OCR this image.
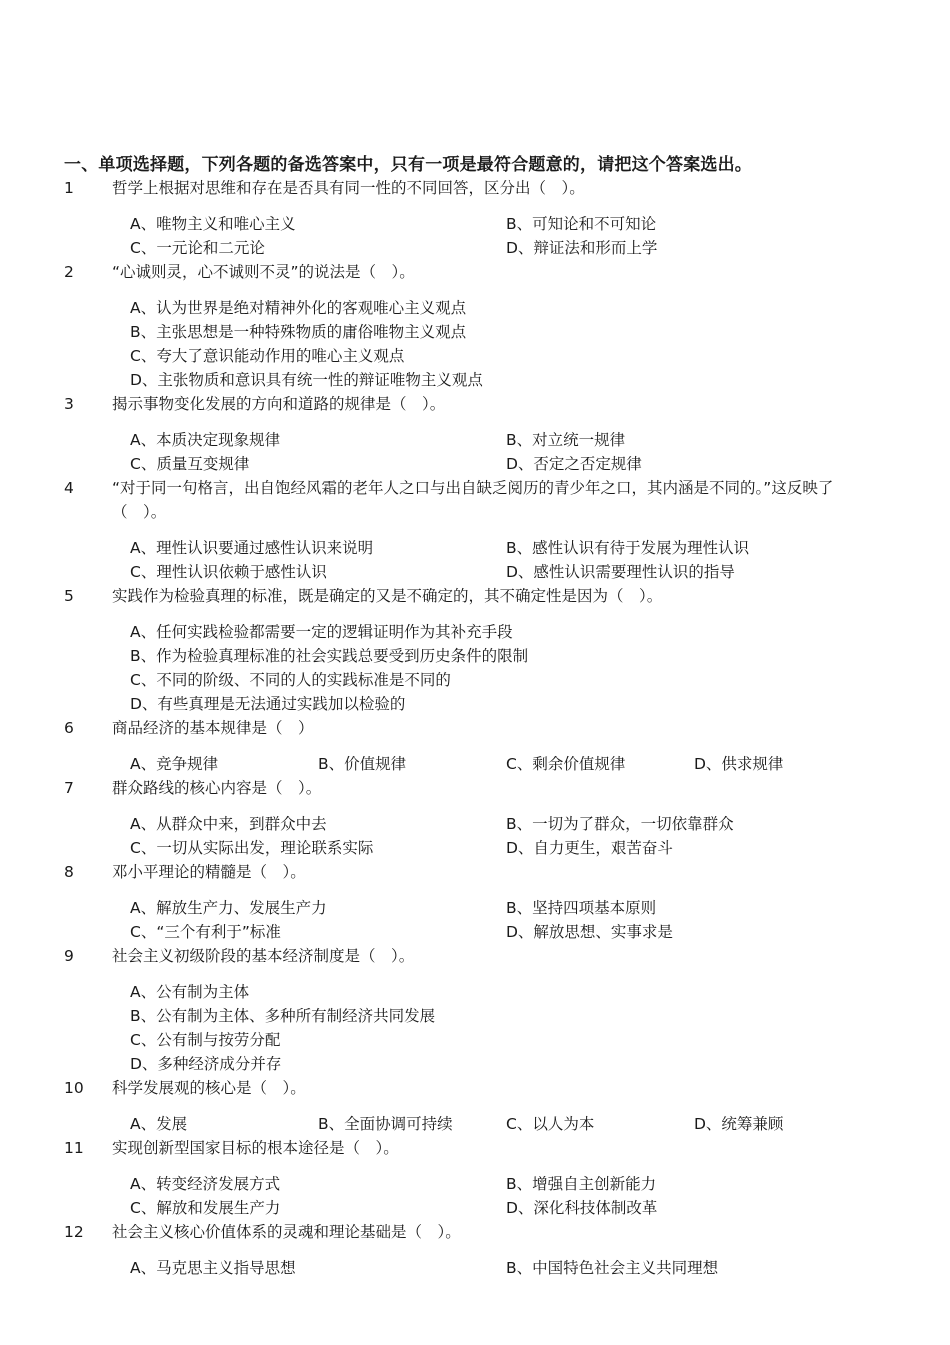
一、单项选择题，下列各题的备选答案中，只有一项是最符合题意的，请把这个答案选出。
1 哲学上根据对思维和存在是否具有同一性的不同回答，区分出（　）。
A、唯物主义和唯心主义	B、可知论和不可知论
C、一元论和二元论	D、辩证法和形而上学
2 “心诚则灵，心不诚则不灵”的说法是（　）。
A、认为世界是绝对精神外化的客观唯心主义观点
B、主张思想是一种特殊物质的庸俗唯物主义观点
C、夸大了意识能动作用的唯心主义观点
D、主张物质和意识具有统一性的辩证唯物主义观点
3 揭示事物变化发展的方向和道路的规律是（　）。
A、本质决定现象规律	B、对立统一规律
C、质量互变规律	D、否定之否定规律
4 “对于同一句格言，出自饱经风霜的老年人之口与出自缺乏阅历的青少年之口，其内涵是不同的。”这反映了（　）。
A、理性认识要通过感性认识来说明	B、感性认识有待于发展为理性认识
C、理性认识依赖于感性认识	D、感性认识需要理性认识的指导
5 实践作为检验真理的标准，既是确定的又是不确定的，其不确定性是因为（　）。
A、任何实践检验都需要一定的逻辑证明作为其补充手段
B、作为检验真理标准的社会实践总要受到历史条件的限制
C、不同的阶级、不同的人的实践标准是不同的
D、有些真理是无法通过实践加以检验的
6 商品经济的基本规律是（　）
A、竞争规律	B、价值规律	C、剩余价值规律	D、供求规律
7 群众路线的核心内容是（　）。
A、从群众中来，到群众中去	B、一切为了群众，一切依靠群众
C、一切从实际出发，理论联系实际	D、自力更生，艰苦奋斗
8 邓小平理论的精髓是（　）。
A、解放生产力、发展生产力	B、坚持四项基本原则
C、“三个有利于”标准	D、解放思想、实事求是
9 社会主义初级阶段的基本经济制度是（　）。
A、公有制为主体
B、公有制为主体、多种所有制经济共同发展
C、公有制与按劳分配
D、多种经济成分并存
10 科学发展观的核心是（　）。
A、发展	B、全面协调可持续	C、以人为本	D、统筹兼顾
11 实现创新型国家目标的根本途径是（　）。
A、转变经济发展方式	B、增强自主创新能力
C、解放和发展生产力	D、深化科技体制改革
12 社会主义核心价值体系的灵魂和理论基础是（　）。
A、马克思主义指导思想	B、中国特色社会主义共同理想
